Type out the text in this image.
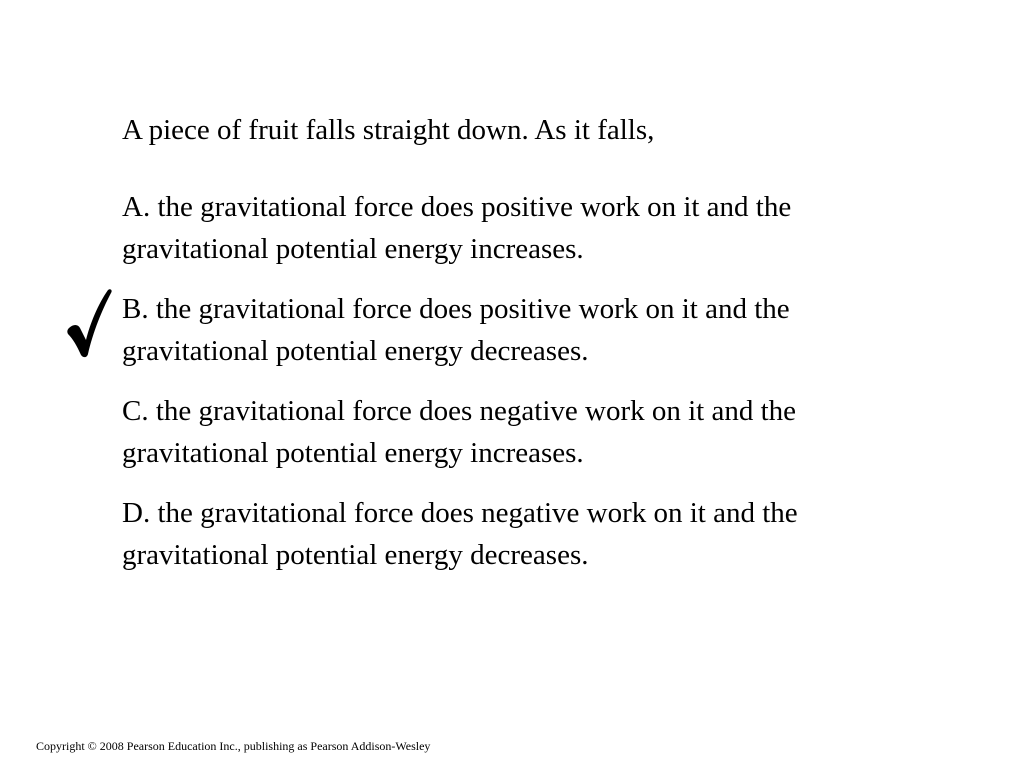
A piece of fruit falls straight down. As it falls,

A. the gravitational force does positive work on it and the
gravitational potential energy increases.

B. the gravitational force does positive work on it and the
gravitational potential energy decreases.

C. the gravitational force does negative work on it and the
gravitational potential energy increases.

D. the gravitational force does negative work on it and the
gravitational potential energy decreases.

Copyright © 2008 Pearson Education Inc., publishing as Pearson Addison-Wesley
